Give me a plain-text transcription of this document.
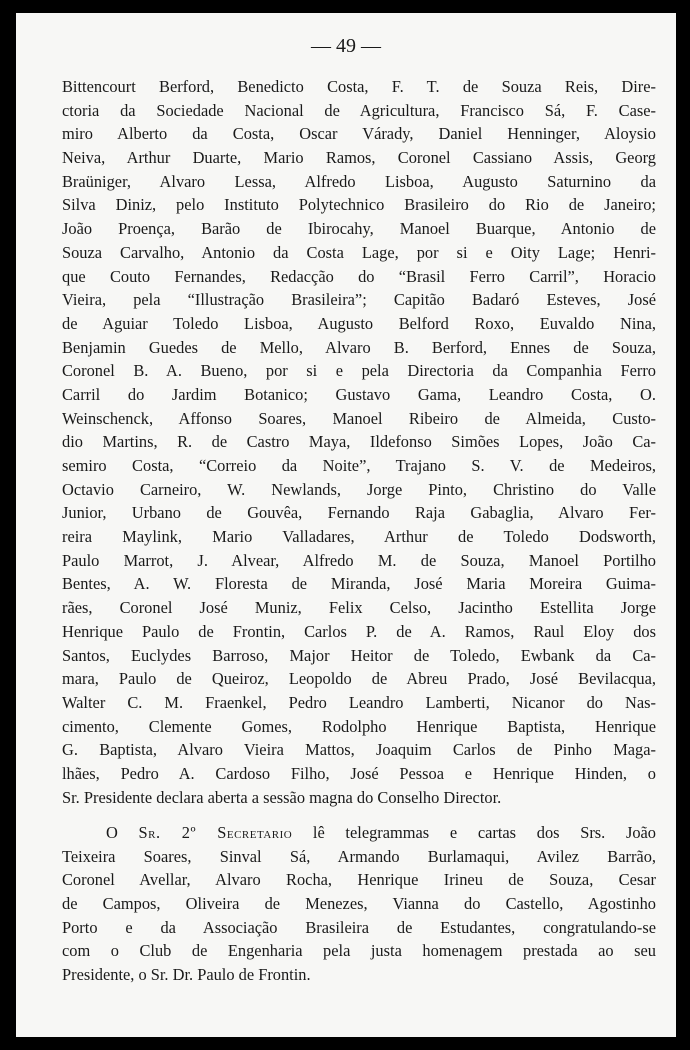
— 49 —
Bittencourt Berford, Benedicto Costa, F. T. de Souza Reis, Dire-
ctoria da Sociedade Nacional de Agricultura, Francisco Sá, F. Case-
miro Alberto da Costa, Oscar Várady, Daniel Henninger, Aloysio
Neiva, Arthur Duarte, Mario Ramos, Coronel Cassiano Assis, Georg
Braüniger, Alvaro Lessa, Alfredo Lisboa, Augusto Saturnino da
Silva Diniz, pelo Instituto Polytechnico Brasileiro do Rio de Janeiro;
João Proença, Barão de Ibirocahy, Manoel Buarque, Antonio de
Souza Carvalho, Antonio da Costa Lage, por si e Oity Lage; Henri-
que Couto Fernandes, Redacção do “Brasil Ferro Carril”, Horacio
Vieira, pela “Illustração Brasileira”; Capitão Badaró Esteves, José
de Aguiar Toledo Lisboa, Augusto Belford Roxo, Euvaldo Nina,
Benjamin Guedes de Mello, Alvaro B. Berford, Ennes de Souza,
Coronel B. A. Bueno, por si e pela Directoria da Companhia Ferro
Carril do Jardim Botanico; Gustavo Gama, Leandro Costa, O.
Weinschenck, Affonso Soares, Manoel Ribeiro de Almeida, Custo-
dio Martins, R. de Castro Maya, Ildefonso Simões Lopes, João Ca-
semiro Costa, “Correio da Noite”, Trajano S. V. de Medeiros,
Octavio Carneiro, W. Newlands, Jorge Pinto, Christino do Valle
Junior, Urbano de Gouvêa, Fernando Raja Gabaglia, Alvaro Fer-
reira Maylink, Mario Valladares, Arthur de Toledo Dodsworth,
Paulo Marrot, J. Alvear, Alfredo M. de Souza, Manoel Portilho
Bentes, A. W. Floresta de Miranda, José Maria Moreira Guima-
rães, Coronel José Muniz, Felix Celso, Jacintho Estellita Jorge
Henrique Paulo de Frontin, Carlos P. de A. Ramos, Raul Eloy dos
Santos, Euclydes Barroso, Major Heitor de Toledo, Ewbank da Ca-
mara, Paulo de Queiroz, Leopoldo de Abreu Prado, José Bevilacqua,
Walter C. M. Fraenkel, Pedro Leandro Lamberti, Nicanor do Nas-
cimento, Clemente Gomes, Rodolpho Henrique Baptista, Henrique
G. Baptista, Alvaro Vieira Mattos, Joaquim Carlos de Pinho Maga-
lhães, Pedro A. Cardoso Filho, José Pessoa e Henrique Hinden, o
Sr. Presidente declara aberta a sessão magna do Conselho Director.
O Sr. 2º Secretario lê telegrammas e cartas dos Srs. João
Teixeira Soares, Sinval Sá, Armando Burlamaqui, Avilez Barrão,
Coronel Avellar, Alvaro Rocha, Henrique Irineu de Souza, Cesar
de Campos, Oliveira de Menezes, Vianna do Castello, Agostinho
Porto e da Associação Brasileira de Estudantes, congratulando-se
com o Club de Engenharia pela justa homenagem prestada ao seu
Presidente, o Sr. Dr. Paulo de Frontin.
